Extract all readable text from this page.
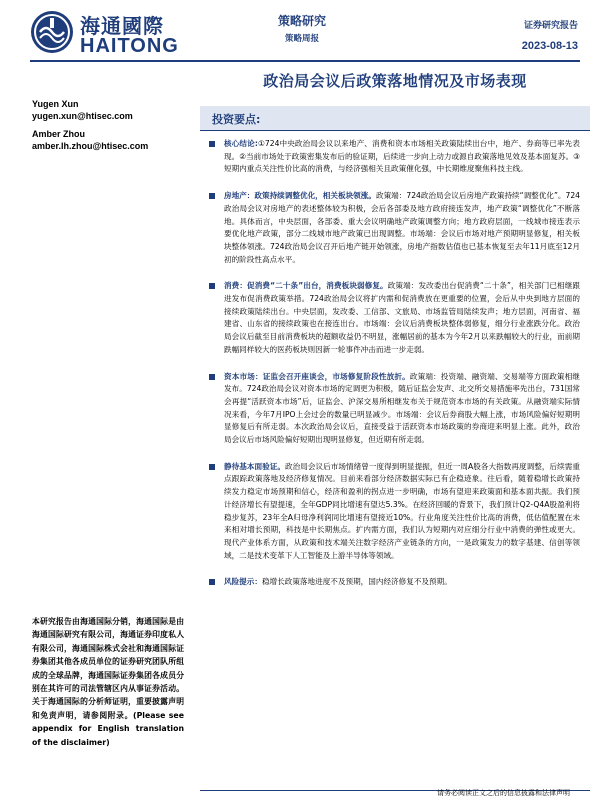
海通國際
HAITONG
策略研究
策略周报
证券研究报告
2023-08-13
政治局会议后政策落地情况及市场表现
Yugen Xun
yugen.xun@htisec.com
Amber Zhou
amber.lh.zhou@htisec.com
投资要点:
核心结论:①724中央政治局会议以来地产、消费和资本市场相关政策陆续出台中，地产、券商等已率先表现。②当前市场处于政策密集发布后的验证期，后续进一步向上动力或源自政策落地见效及基本面复苏。③短期内重点关注性价比高的消费，与经济强相关且政策催化强，中长期维度聚焦科技主线。
房地产：政策持续调整优化，相关板块领涨。政策端：724政治局会议后房地产政策持续“调整优化”。724政治局会议对房地产的表述整体较为积极，会后各部委及地方政府接连发声，地产政策“调整优化”不断落地。具体而言，中央层面，各部委、重大会议明确地产政策调整方向；地方政府层面，一线城市接连表示要优化地产政策，部分二线城市地产政策已出现调整。市场端：会议后市场对地产预期明显修复，相关板块整体领涨。724政治局会议召开后地产链开始领涨，房地产指数估值也已基本恢复至去年11月底至12月初的阶段性高点水平。
消费：促消费“二十条”出台，消费板块弱修复。政策端：发改委出台促消费“二十条”，相关部门已相继跟进发布促消费政策举措。724政治局会议将扩内需和促消费放在更重要的位置，会后从中央到地方层面的接续政策陆续出台。中央层面，发改委、工信部、文旅局、市场监管局陆续发声；地方层面，河南省、福建省、山东省的接续政策也在接连出台。市场端：会议后消费板块整体弱修复，细分行业涨跌分化。政治局会议后截至目前消费板块的超额收益仍不明显，涨幅居前的基本为今年2月以来跌幅较大的行业，而前期跌幅同样较大的医药板块则因新一轮事件冲击而进一步走弱。
资本市场：证监会召开座谈会，市场修复阶段性放折。政策端：投资端、融资端、交易端等方面政策相继发布。724政治局会议对资本市场的定调更为积极，随后证监会发声、北交所交易措施率先出台，731国常会再提“活跃资本市场”后，证监会、沪深交易所相继发布关于规范资本市场的有关政策。从融资端实际情况来看，今年7月IPO上会过会的数量已明显减少。市场端：会议后券商股大幅上涨，市场风险偏好短期明显修复后有所走弱。本次政治局会议后，直接受益于活跃资本市场政策的券商迎来明显上涨。此外，政治局会议后市场风险偏好短期出现明显修复，但近期有所走弱。
静待基本面验证。政治局会议后市场情绪曾一度得到明显提振，但近一周A股各大指数再度调整，后续需重点跟踪政策落地及经济修复情况。目前来看部分经济数据实际已有企稳迹象。往后看，随着稳增长政策持续发力稳定市场预期和信心，经济和盈利的拐点进一步明确，市场有望迎来政策面和基本面共振。我们预计经济增长有望提速，全年GDP同比增速有望达5.3%。在经济回暖的背景下，我们预计Q2-Q4A股盈利将稳步复苏，23年全A归母净利润同比增速有望接近10%。行业角度关注性价比高的消费，低估值配置在未来相对增长预期，科技是中长期焦点。扩内需方面，我们认为短期内对应细分行业中消费的弹性或更大。现代产业体系方面，从政策和技术端关注数字经济产业链条的方向，一是政策发力的数字基建、信创等领域，二是技术变革下人工智能及上游半导体等领域。
风险提示：稳增长政策落地进度不及预期，国内经济修复不及预期。
本研究报告由海通国际分销，海通国际是由海通国际研究有限公司，海通证券印度私人有限公司，海通国际株式会社和海通国际证券集团其他各成员单位的证券研究团队所组成的全球品牌，海通国际证券集团各成员分别在其许可的司法管辖区内从事证券活动。关于海通国际的分析师证明，重要披露声明和免责声明，请参阅附录。(Please see appendix for English translation of the disclaimer)
请务必阅读正文之后的信息披露和法律声明
